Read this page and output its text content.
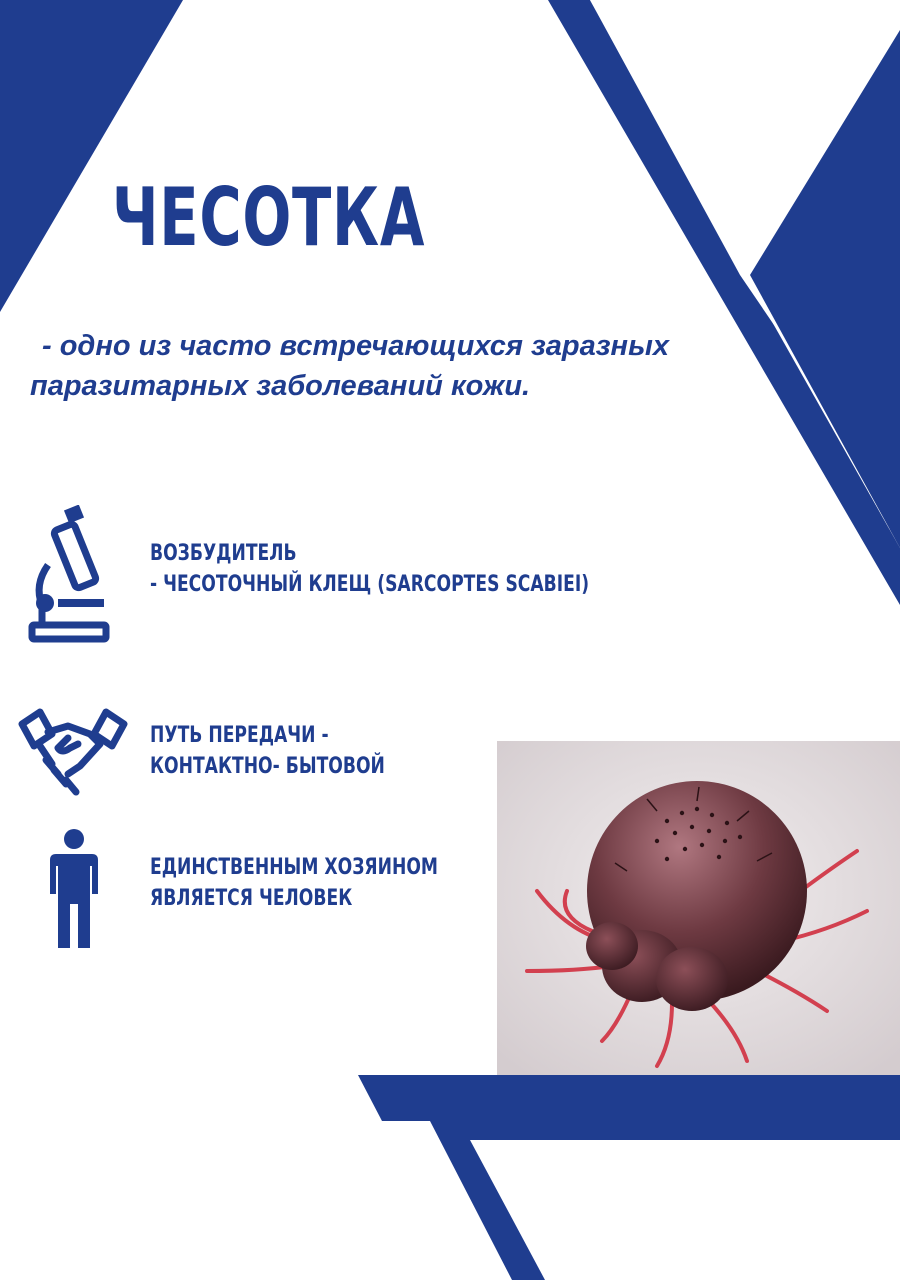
ЧЕСОТКА
- одно из часто встречающихся заразных
паразитарных заболеваний кожи.
ВОЗБУДИТЕЛЬ
- ЧЕСОТОЧНЫЙ КЛЕЩ (SARCOPTES SCABIEI)
ПУТЬ ПЕРЕДАЧИ -
КОНТАКТНО- БЫТОВОЙ
ЕДИНСТВЕННЫМ ХОЗЯИНОМ
ЯВЛЯЕТСЯ ЧЕЛОВЕК
